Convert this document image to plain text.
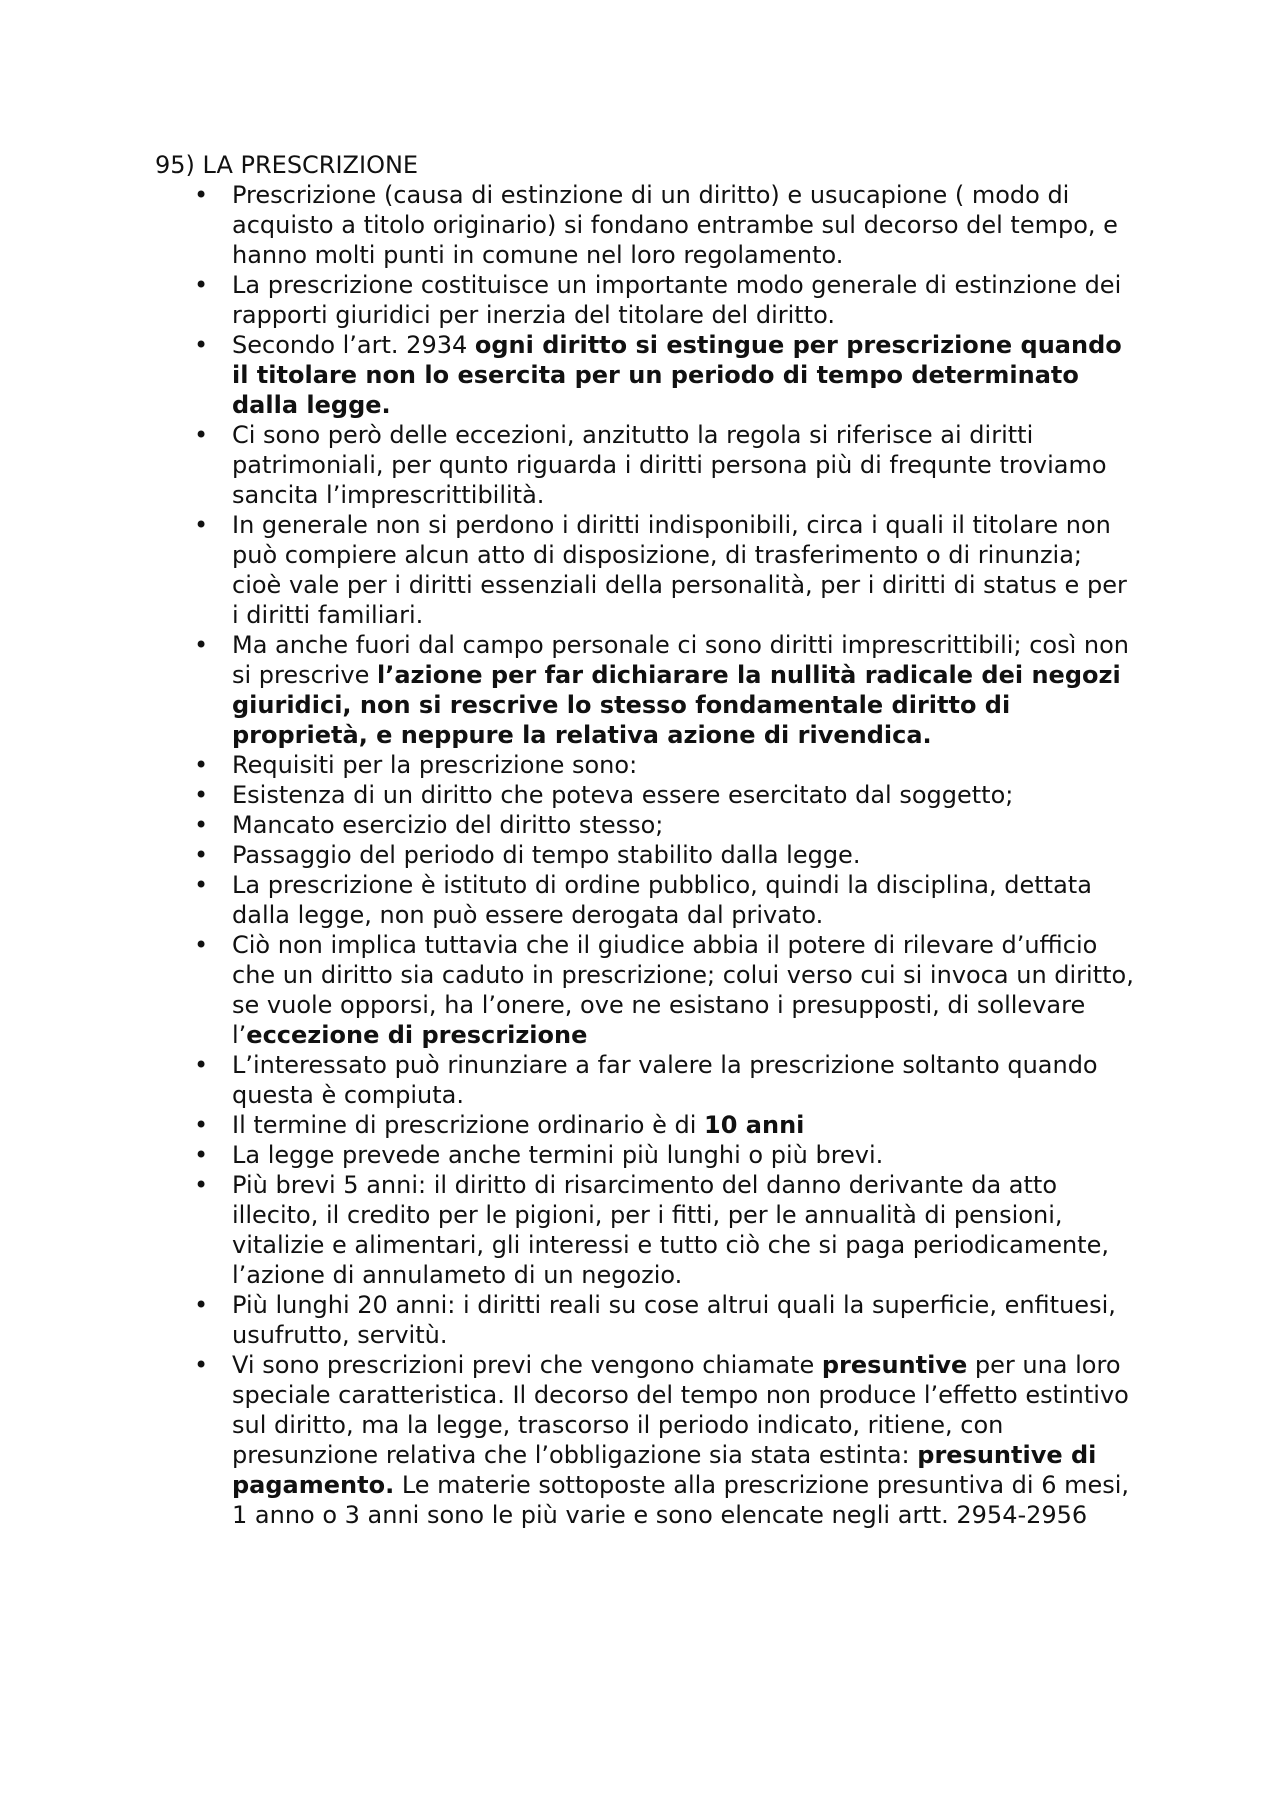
95) LA PRESCRIZIONE
• Prescrizione (causa di estinzione di un diritto) e usucapione ( modo di acquisto a titolo originario) si fondano entrambe sul decorso del tempo, e hanno molti punti in comune nel loro regolamento.
• La prescrizione costituisce un importante modo generale di estinzione dei rapporti giuridici per inerzia del titolare del diritto.
• Secondo l’art. 2934 ogni diritto si estingue per prescrizione quando il titolare non lo esercita per un periodo di tempo determinato dalla legge.
• Ci sono però delle eccezioni, anzitutto la regola si riferisce ai diritti patrimoniali, per qunto riguarda i diritti persona più di frequnte troviamo sancita l’imprescrittibilità.
• In generale non si perdono i diritti indisponibili, circa i quali il titolare non può compiere alcun atto di disposizione, di trasferimento o di rinunzia; cioè vale per i diritti essenziali della personalità, per i diritti di status e per i diritti familiari.
• Ma anche fuori dal campo personale ci sono diritti imprescrittibili; così non si prescrive l’azione per far dichiarare la nullità radicale dei negozi giuridici, non si rescrive lo stesso fondamentale diritto di proprietà, e neppure la relativa azione di rivendica.
• Requisiti per la prescrizione sono:
• Esistenza di un diritto che poteva essere esercitato dal soggetto;
• Mancato esercizio del diritto stesso;
• Passaggio del periodo di tempo stabilito dalla legge.
• La prescrizione è istituto di ordine pubblico, quindi la disciplina, dettata dalla legge, non può essere derogata dal privato.
• Ciò non implica tuttavia che il giudice abbia il potere di rilevare d’ufficio che un diritto sia caduto in prescrizione; colui verso cui si invoca un diritto, se vuole opporsi, ha l’onere, ove ne esistano i presupposti, di sollevare l’eccezione di prescrizione
• L’interessato può rinunziare a far valere la prescrizione soltanto quando questa è compiuta.
• Il termine di prescrizione ordinario è di 10 anni
• La legge prevede anche termini più lunghi o più brevi.
• Più brevi 5 anni: il diritto di risarcimento del danno derivante da atto illecito, il credito per le pigioni, per i fitti, per le annualità di pensioni, vitalizie e alimentari, gli interessi e tutto ciò che si paga periodicamente, l’azione di annulameto di un negozio.
• Più lunghi 20 anni: i diritti reali su cose altrui quali la superficie, enfituesi, usufrutto, servitù.
• Vi sono prescrizioni previ che vengono chiamate presuntive per una loro speciale caratteristica. Il decorso del tempo non produce l’effetto estintivo sul diritto, ma la legge, trascorso il periodo indicato, ritiene, con presunzione relativa che l’obbligazione sia stata estinta: presuntive di pagamento. Le materie sottoposte alla prescrizione presuntiva di 6 mesi, 1 anno o 3 anni sono le più varie e sono elencate negli artt. 2954-2956
